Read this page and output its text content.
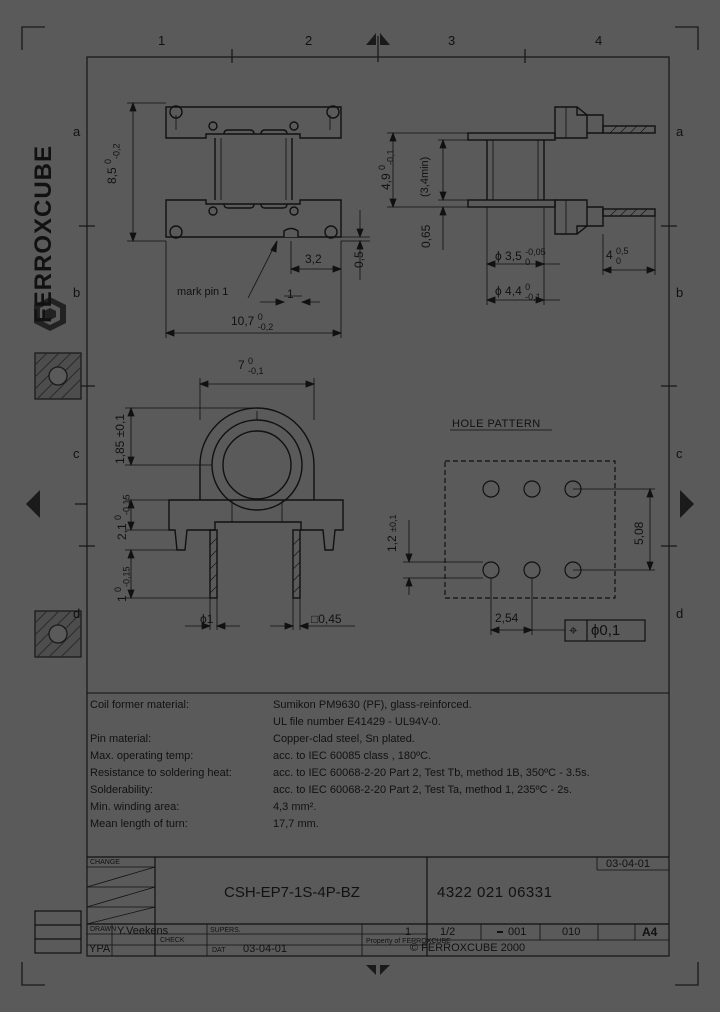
FERROXCUBE
1	2	3	4
a	a
b	b
c	c
d	d
8,5 $^0_{-0,2}$
3,2	0,5
mark pin 1	1
10,7 0
-0,2
4,9 $^0_{-0,1}$ (3,4min)
0,65
ϕ 3,5 -0,05
0
ϕ 4,4 0
-0,1
4 0,5
0
7 0
-0,1
1,85 ±0,1
2,1 $^0_{-0,15}$
1 $^0_{-0,15}$
ϕ1	□0,45
HOLE PATTERN
1,2 ±0,1	5,08
2,54
⌖ ϕ0,1
Coil former material:	Sumikon PM9630 (PF), glass-reinforced.
UL file number E41429 - UL94V-0.
Pin material:	Copper-clad steel, Sn plated.
Max. operating temp:	acc. to IEC 60085 class , 180ºC.
Resistance to soldering heat:	acc. to IEC 60068-2-20 Part 2, Test Tb, method 1B, 350ºC - 3.5s.
Solderability:	acc. to IEC 60068-2-20 Part 2, Test Ta, method 1, 235ºC - 2s.
Min. winding area:	4,3 mm².
Mean length of turn:	17,7 mm.
CHANGE
CSH-EP7-1S-4P-BZ	4322 021 06331
03-04-01
DRAWN Y.Veekens
CHECK
SUPERS.
DAT 03-04-01
Property of FERROXCUBE
YPA	© FERROXCUBE 2000
1	1/2	001	010	A4
